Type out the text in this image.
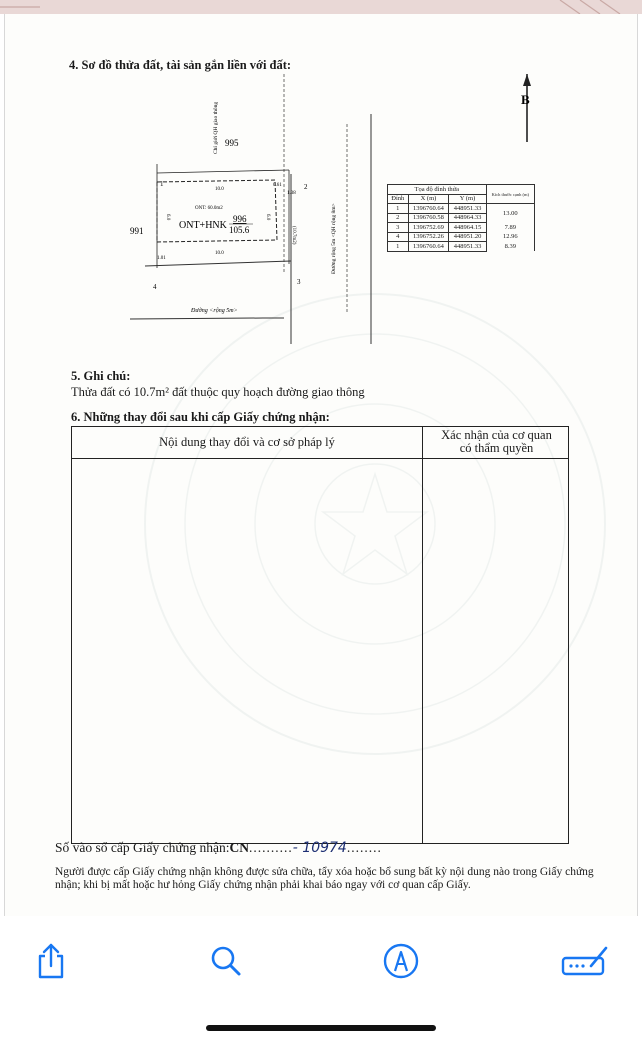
4. Sơ đồ thửa đất, tài sản gắn liền với đất:
B
995
991	ONT+HNK
996
105.6
ONT: 60.0m2
10.0
10.0
6.0	6.0
0.61
1.38
1.01
(10.7m2)
1	2
3
4
Chỉ giới QH giao thông
Đường rộng 5m <QH rộng 8m>
Đường <rộng 5m>
Tọa độ đỉnh thửa			Kích thước cạnh (m)
Đỉnh	X (m)	Y (m)	
1	1396760.64	448951.33	13.00
2	1396760.58	448964.33	
3	1396752.69	448964.15	7.89
4	1396752.26	448951.20	12.96
1	1396760.64	448951.33	8.39
5. Ghi chú:
Thửa đất có 10.7m² đất thuộc quy hoạch đường giao thông
6. Những thay đổi sau khi cấp Giấy chứng nhận:
Nội dung thay đổi và cơ sở pháp lý	Xác nhận của cơ quan
có thẩm quyền
Số vào sổ cấp Giấy chứng nhận:CN..........- 10974........
Người được cấp Giấy chứng nhận không được sửa chữa, tẩy xóa hoặc bổ sung bất kỳ nội dung nào trong Giấy chứng nhận; khi bị mất hoặc hư hỏng Giấy chứng nhận phải khai báo ngay với cơ quan cấp Giấy.
